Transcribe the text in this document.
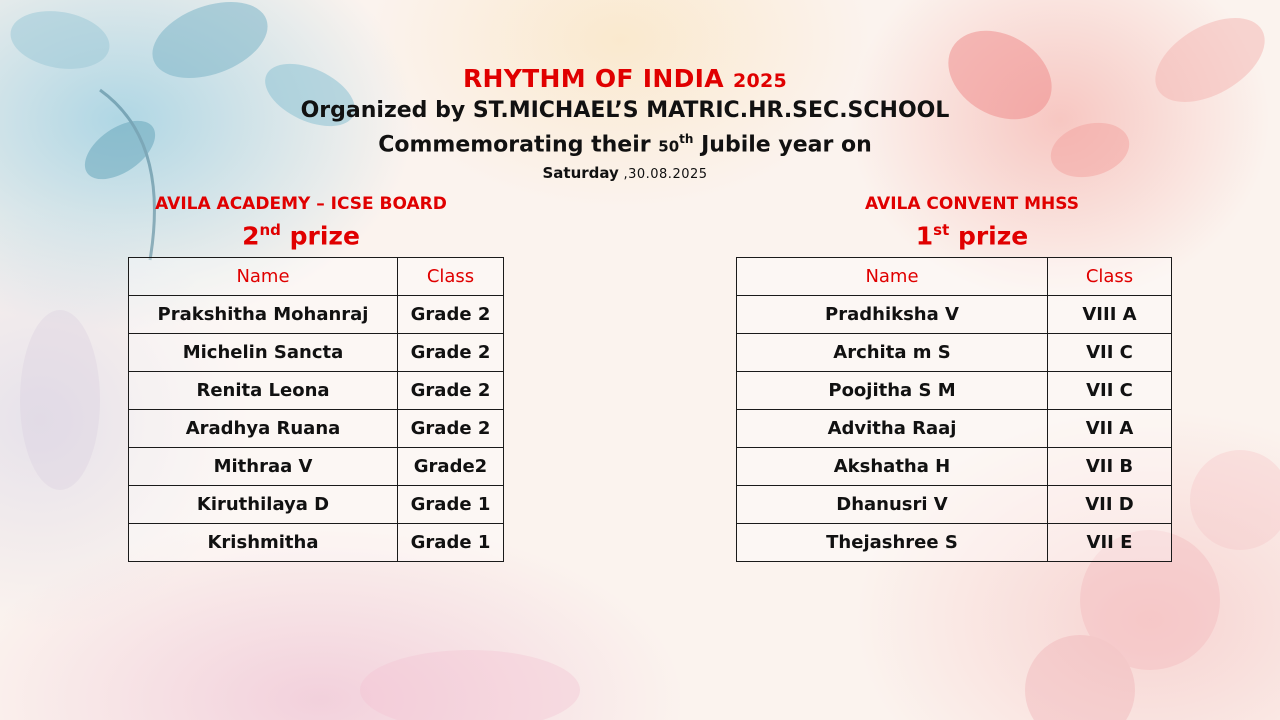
RHYTHM OF INDIA 2025
Organized by ST.MICHAEL’S MATRIC.HR.SEC.SCHOOL
Commemorating their 50th Jubile year on
Saturday ,30.08.2025
AVILA ACADEMY – ICSE BOARD
2nd prize
AVILA CONVENT MHSS
1st prize
Name	Class
Prakshitha Mohanraj	Grade 2
Michelin Sancta	Grade 2
Renita Leona	Grade 2
Aradhya Ruana	Grade 2
Mithraa V	Grade2
Kiruthilaya D	Grade 1
Krishmitha	Grade 1
Name	Class
Pradhiksha V	VIII A
Archita m S	VII C
Poojitha S M	VII C
Advitha Raaj	VII A
Akshatha H	VII B
Dhanusri V	VII D
Thejashree S	VII E
